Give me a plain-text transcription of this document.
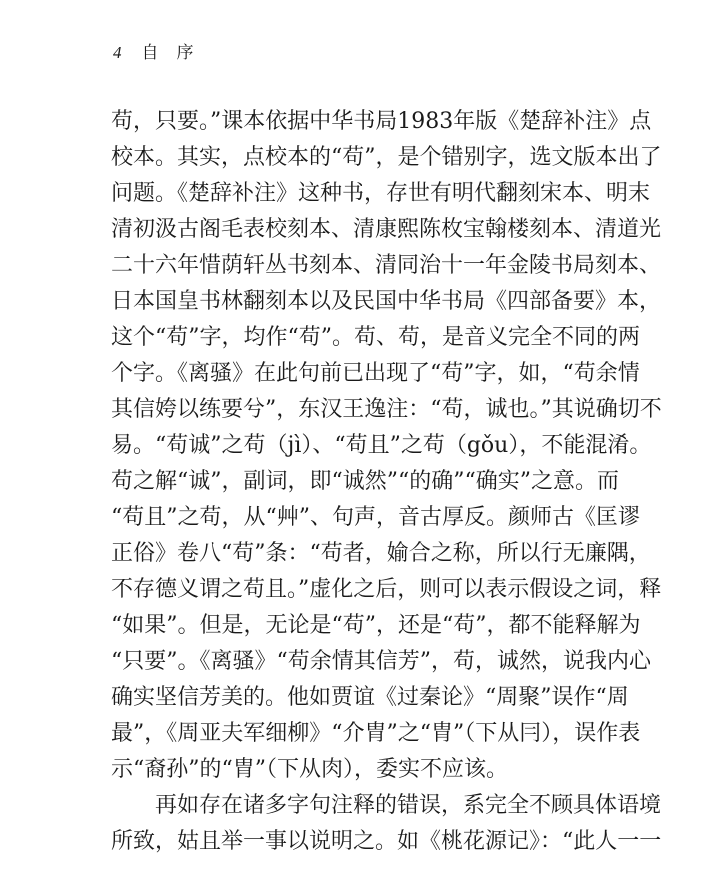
4 自序
苟，只要。”课本依据中华书局1983年版《楚辞补注》点
校本。其实，点校本的“苟”，是个错别字，选文版本出了
问题。《楚辞补注》这种书，存世有明代翻刻宋本、明末
清初汲古阁毛表校刻本、清康熙陈枚宝翰楼刻本、清道光
二十六年惜荫轩丛书刻本、清同治十一年金陵书局刻本、
日本国皇书林翻刻本以及民国中华书局《四部备要》本，
这个“苟”字，均作“苟”。苟、苟，是音义完全不同的两
个字。《离骚》在此句前已出现了“苟”字，如，“苟余情
其信姱以练要兮”，东汉王逸注：“苟，诚也。”其说确切不
易。“苟诚”之苟（jì）、“苟且”之苟（gǒu），不能混淆。
苟之解“诚”，副词，即“诚然”“的确”“确实”之意。而
“苟且”之苟，从“艸”、句声，音古厚反。颜师古《匡谬
正俗》卷八“苟”条：“苟者，媮合之称，所以行无廉隅，
不存德义谓之苟且。”虚化之后，则可以表示假设之词，释
“如果”。但是，无论是“苟”，还是“苟”，都不能释解为
“只要”。《离骚》“苟余情其信芳”，苟，诚然，说我内心
确实坚信芳美的。他如贾谊《过秦论》“周聚”误作“周
最”，《周亚夫军细柳》“介胄”之“胄”（下从冃），误作表
示“裔孙”的“胄”（下从肉），委实不应该。
再如存在诸多字句注释的错误，系完全不顾具体语境
所致，姑且举一事以说明之。如《桃花源记》：“此人一一
